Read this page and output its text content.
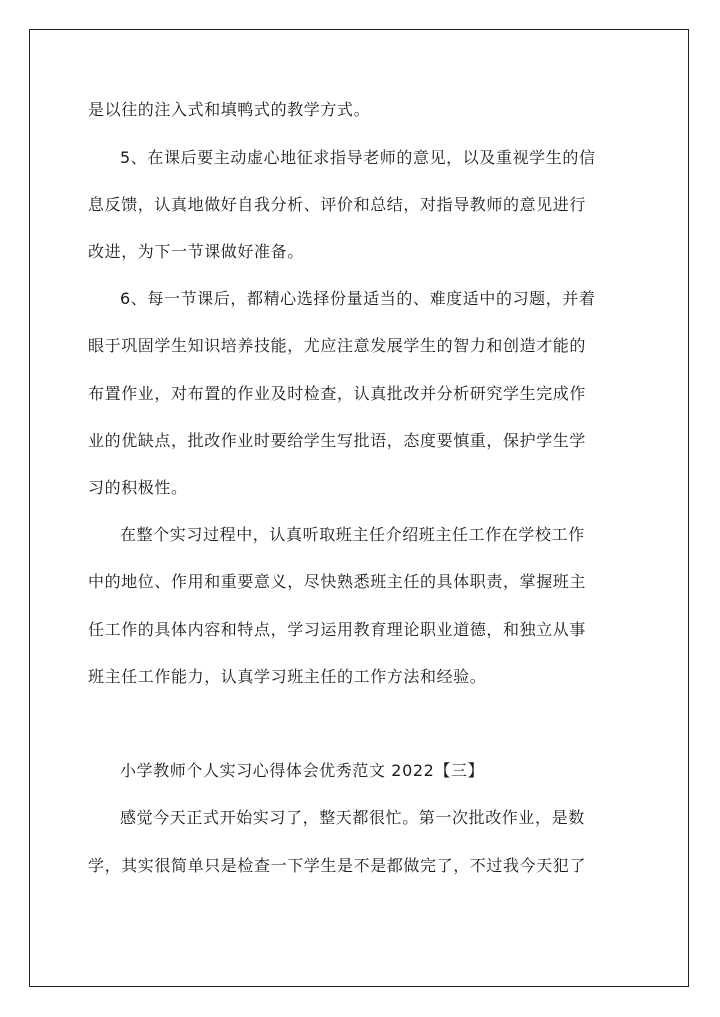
是以往的注入式和填鸭式的教学方式。
5、在课后要主动虚心地征求指导老师的意见，以及重视学生的信
息反馈，认真地做好自我分析、评价和总结，对指导教师的意见进行
改进，为下一节课做好准备。
6、每一节课后，都精心选择份量适当的、难度适中的习题，并着
眼于巩固学生知识培养技能，尤应注意发展学生的智力和创造才能的
布置作业，对布置的作业及时检查，认真批改并分析研究学生完成作
业的优缺点，批改作业时要给学生写批语，态度要慎重，保护学生学
习的积极性。
在整个实习过程中，认真听取班主任介绍班主任工作在学校工作
中的地位、作用和重要意义，尽快熟悉班主任的具体职责，掌握班主
任工作的具体内容和特点，学习运用教育理论职业道德，和独立从事
班主任工作能力，认真学习班主任的工作方法和经验。
小学教师个人实习心得体会优秀范文 2022【三】
感觉今天正式开始实习了，整天都很忙。第一次批改作业，是数
学，其实很简单只是检查一下学生是不是都做完了，不过我今天犯了
